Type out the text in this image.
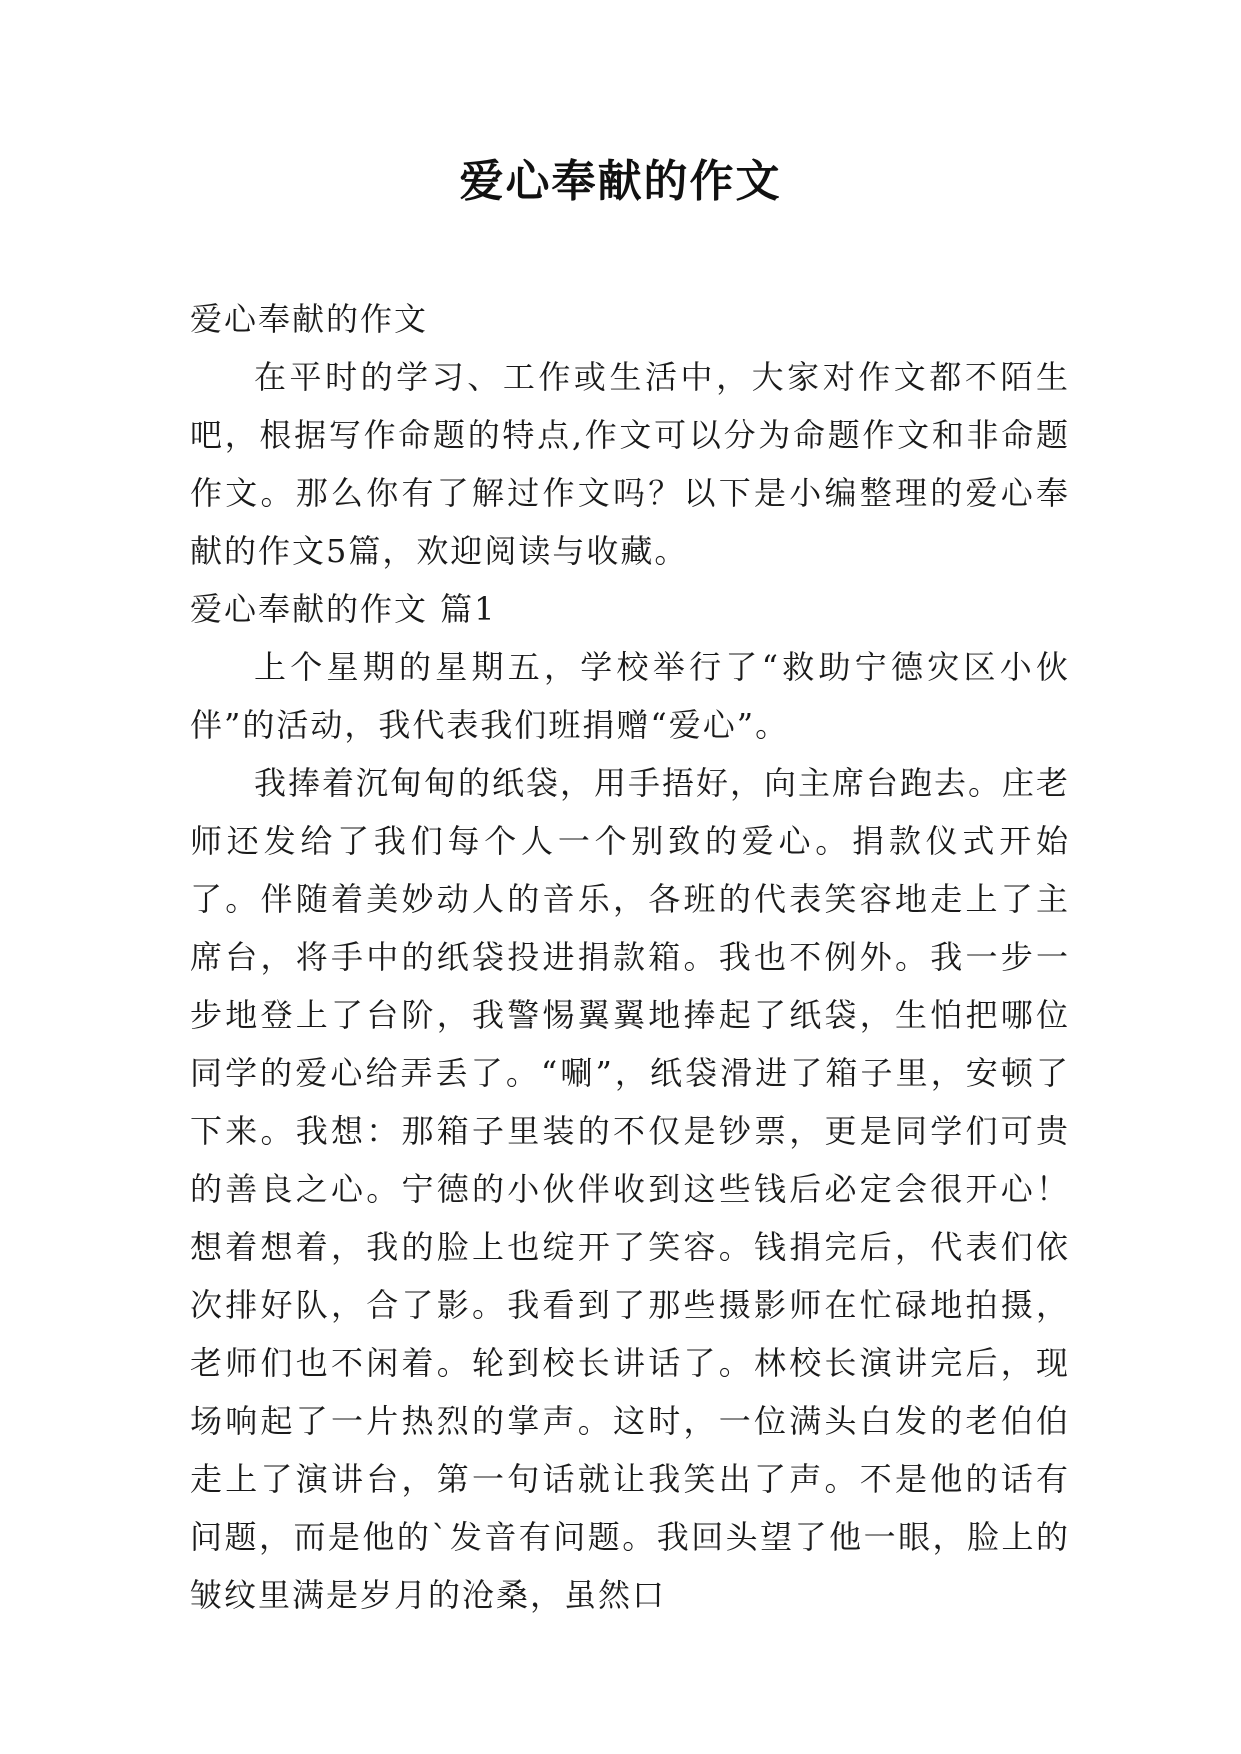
爱心奉献的作文

爱心奉献的作文

在平时的学习、工作或生活中，大家对作文都不陌生吧，根据写作命题的特点,作文可以分为命题作文和非命题作文。那么你有了解过作文吗？以下是小编整理的爱心奉献的作文5篇，欢迎阅读与收藏。

爱心奉献的作文 篇1

上个星期的星期五，学校举行了“救助宁德灾区小伙伴”的活动，我代表我们班捐赠“爱心”。

我捧着沉甸甸的纸袋，用手捂好，向主席台跑去。庄老师还发给了我们每个人一个别致的爱心。捐款仪式开始了。伴随着美妙动人的音乐，各班的代表笑容地走上了主席台，将手中的纸袋投进捐款箱。我也不例外。我一步一步地登上了台阶，我警惕翼翼地捧起了纸袋，生怕把哪位同学的爱心给弄丢了。“唰”，纸袋滑进了箱子里，安顿了下来。我想：那箱子里装的不仅是钞票，更是同学们可贵的善良之心。宁德的小伙伴收到这些钱后必定会很开心！想着想着，我的脸上也绽开了笑容。钱捐完后，代表们依次排好队，合了影。我看到了那些摄影师在忙碌地拍摄，老师们也不闲着。轮到校长讲话了。林校长演讲完后，现场响起了一片热烈的掌声。这时，一位满头白发的老伯伯走上了演讲台，第一句话就让我笑出了声。不是他的话有问题，而是他的`发音有问题。我回头望了他一眼，脸上的皱纹里满是岁月的沧桑，虽然口
